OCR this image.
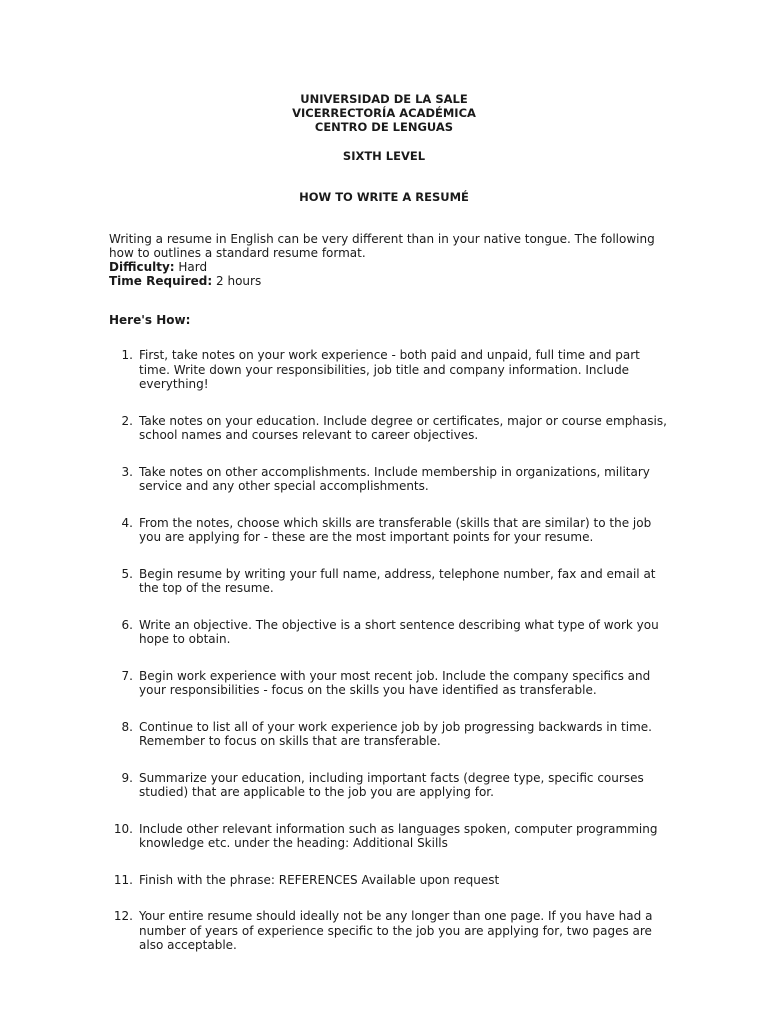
UNIVERSIDAD DE LA SALE
VICERRECTORÍA ACADÉMICA
CENTRO DE LENGUAS
SIXTH LEVEL
HOW TO WRITE A RESUMÉ
Writing a resume in English can be very different than in your native tongue. The following how to outlines a standard resume format.
Difficulty: Hard
Time Required: 2 hours
Here's How:
1. First, take notes on your work experience - both paid and unpaid, full time and part time. Write down your responsibilities, job title and company information. Include everything!
2. Take notes on your education. Include degree or certificates, major or course emphasis, school names and courses relevant to career objectives.
3. Take notes on other accomplishments. Include membership in organizations, military service and any other special accomplishments.
4. From the notes, choose which skills are transferable (skills that are similar) to the job you are applying for - these are the most important points for your resume.
5. Begin resume by writing your full name, address, telephone number, fax and email at the top of the resume.
6. Write an objective. The objective is a short sentence describing what type of work you hope to obtain.
7. Begin work experience with your most recent job. Include the company specifics and your responsibilities - focus on the skills you have identified as transferable.
8. Continue to list all of your work experience job by job progressing backwards in time. Remember to focus on skills that are transferable.
9. Summarize your education, including important facts (degree type, specific courses studied) that are applicable to the job you are applying for.
10. Include other relevant information such as languages spoken, computer programming knowledge etc. under the heading: Additional Skills
11. Finish with the phrase: REFERENCES Available upon request
12. Your entire resume should ideally not be any longer than one page. If you have had a number of years of experience specific to the job you are applying for, two pages are also acceptable.
